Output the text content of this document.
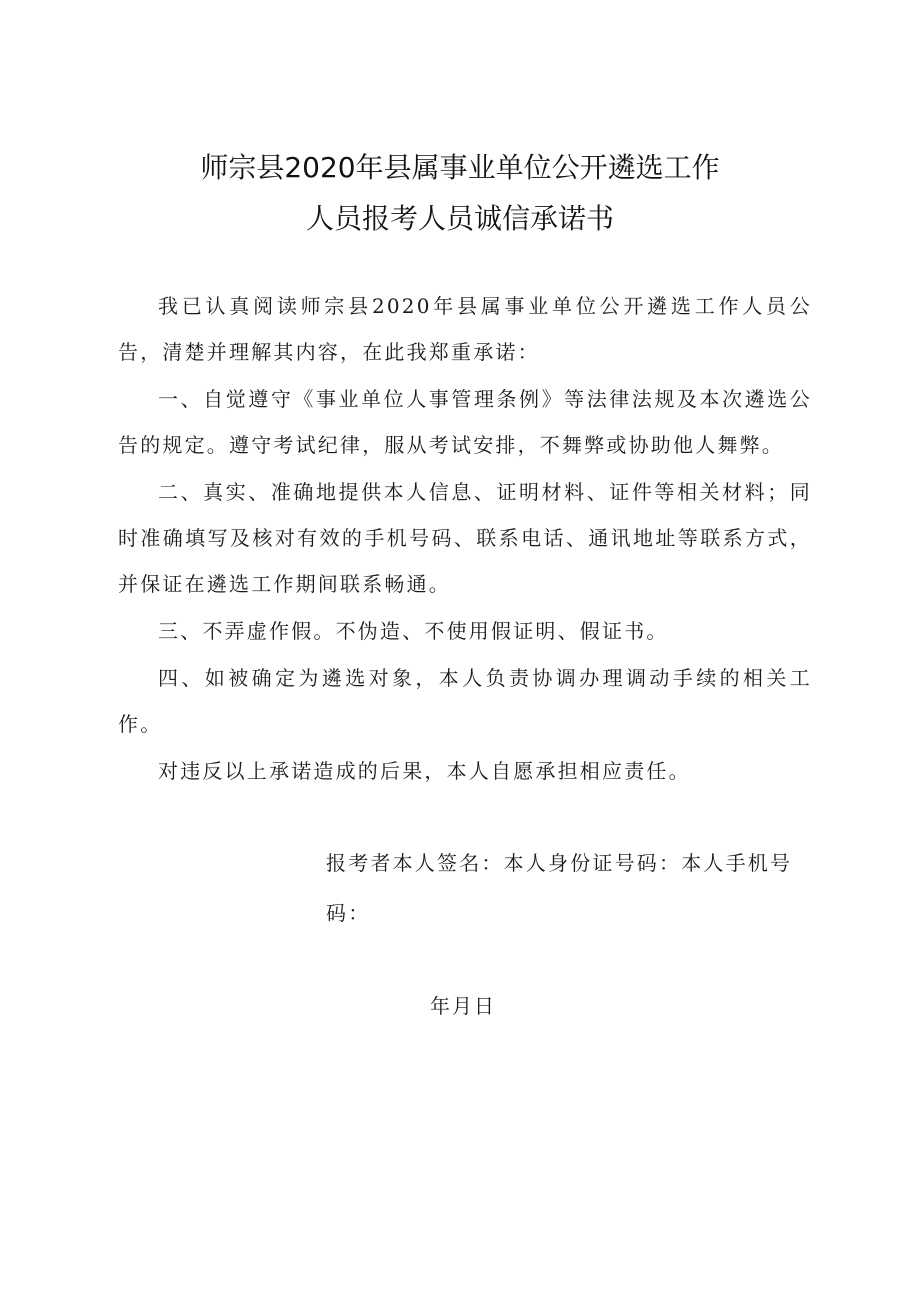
师宗县2020年县属事业单位公开遴选工作
人员报考人员诚信承诺书

我已认真阅读师宗县2020年县属事业单位公开遴选工作人员公告，清楚并理解其内容，在此我郑重承诺：

一、自觉遵守《事业单位人事管理条例》等法律法规及本次遴选公告的规定。遵守考试纪律，服从考试安排，不舞弊或协助他人舞弊。

二、真实、准确地提供本人信息、证明材料、证件等相关材料；同时准确填写及核对有效的手机号码、联系电话、通讯地址等联系方式，并保证在遴选工作期间联系畅通。

三、不弄虚作假。不伪造、不使用假证明、假证书。

四、如被确定为遴选对象，本人负责协调办理调动手续的相关工作。

对违反以上承诺造成的后果，本人自愿承担相应责任。

报考者本人签名：本人身份证号码：本人手机号码：

年月日
